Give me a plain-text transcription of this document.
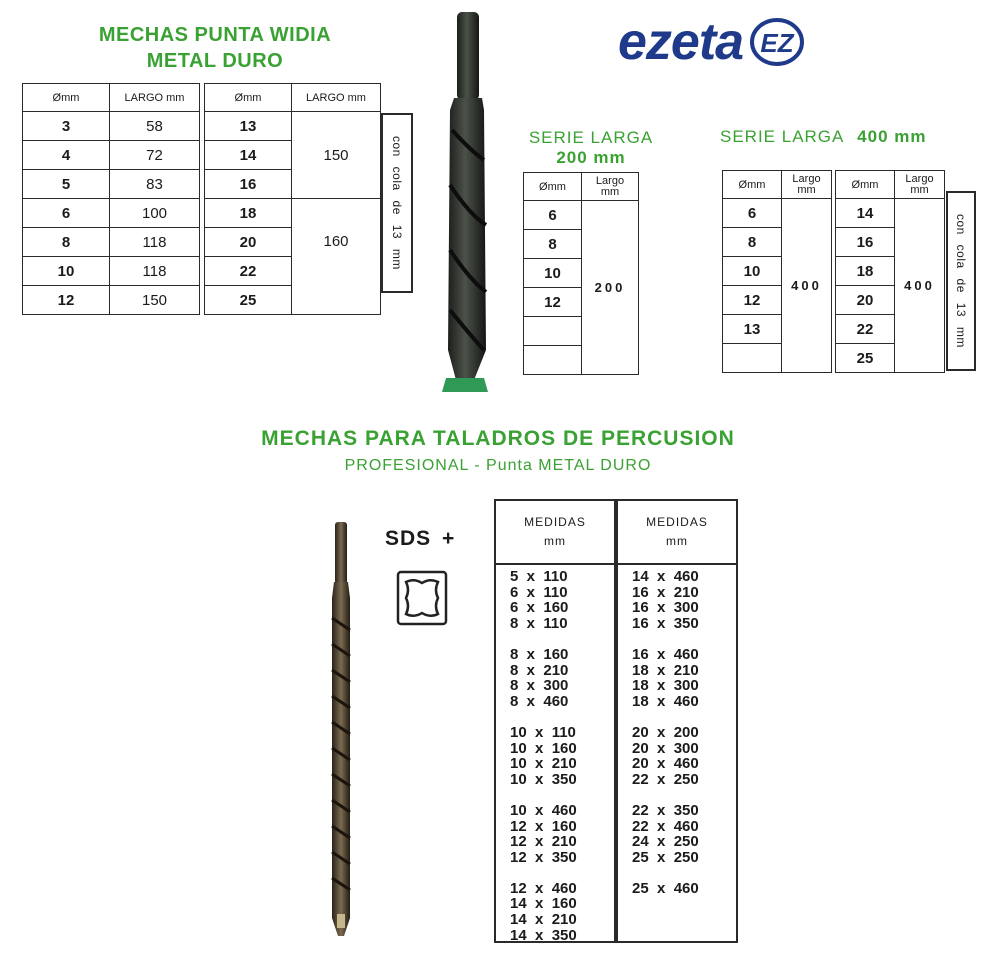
MECHAS PUNTA WIDIA
METAL DURO
Ømm	LARGO mm
3	58
4	72
5	83
6	100
8	118
10	118
12	150
Ømm	LARGO mm
13	150
14	
16	
18	160
20	
22	
25	
con cola de 13 mm
ezeta EZ
SERIE LARGA
200 mm
Ømm	Largo
mm

6	200
8	
10	
12	

SERIE LARGA 400 mm
Ømm	Largo
mm

6	400
8	
10	
12	
13	

Ømm	Largo
mm

14	400
16	
18	
20	
22	
25	
con cola de 13 mm
MECHAS PARA TALADROS DE PERCUSION
PROFESIONAL - Punta METAL DURO
SDS +
MEDIDAS
mm
5  x  110
6  x  110
6  x  160
8  x  110
8  x  160
8  x  210
8  x  300
8  x  460
10  x  110
10  x  160
10  x  210
10  x  350
10  x  460
12  x  160
12  x  210
12  x  350
12  x  460
14  x  160
14  x  210
14  x  350
MEDIDAS
mm
14  x  460
16  x  210
16  x  300
16  x  350
16  x  460
18  x  210
18  x  300
18  x  460
20  x  200
20  x  300
20  x  460
22  x  250
22  x  350
22  x  460
24  x  250
25  x  250
25  x  460
